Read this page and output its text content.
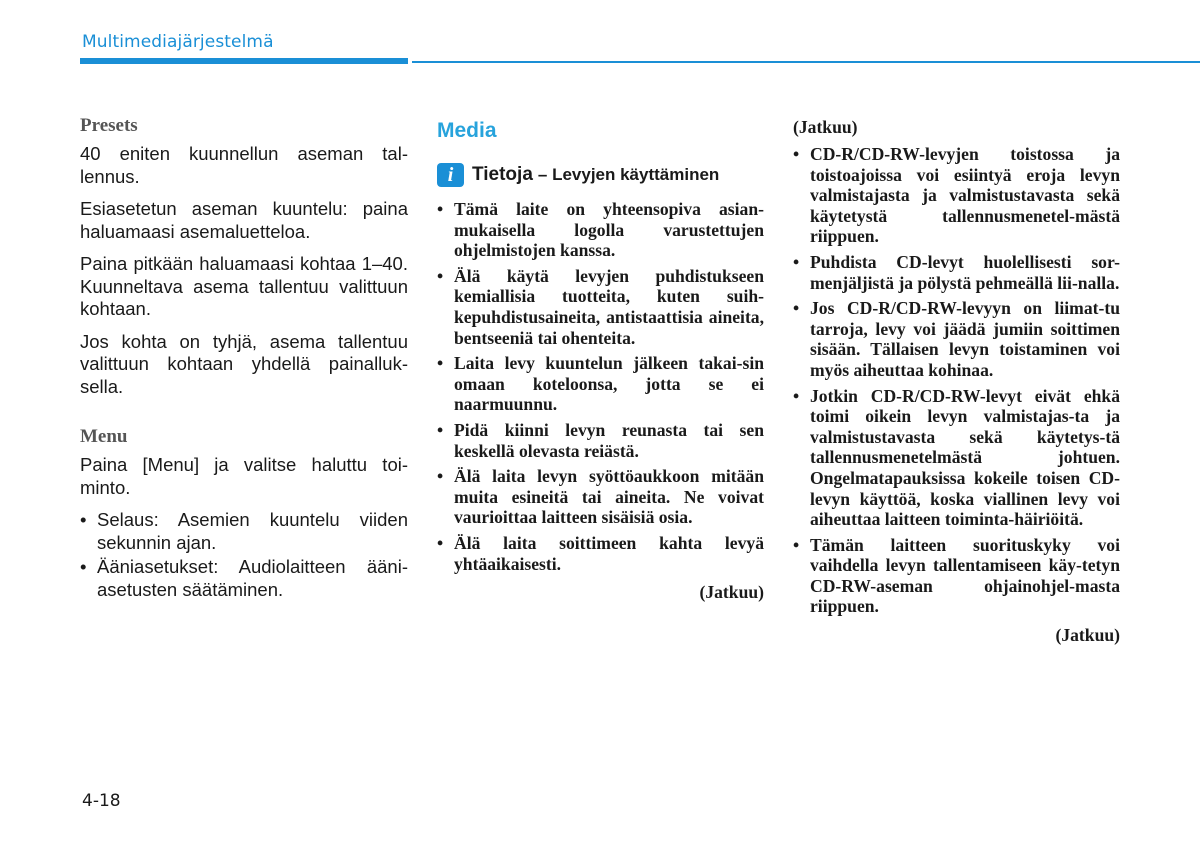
Multimediajärjestelmä
Presets

40 eniten kuunnellun aseman tal-lennus.

Esiasetetun aseman kuuntelu: paina haluamaasi asemaluetteloa.

Paina pitkään haluamaasi kohtaa 1–40. Kuunneltava asema tallentuu valittuun kohtaan.

Jos kohta on tyhjä, asema tallentuu valittuun kohtaan yhdellä painalluk-sella.

Menu

Paina [Menu] ja valitse haluttu toi-minto.

• Selaus: Asemien kuuntelu viiden sekunnin ajan.
• Ääniasetukset: Audiolaitteen ääni-asetusten säätäminen.
Media
i Tietoja – Levyjen käyttäminen
• Tämä laite on yhteensopiva asian-mukaisella logolla varustettujen ohjelmistojen kanssa.
• Älä käytä levyjen puhdistukseen kemiallisia tuotteita, kuten suih-kepuhdistusaineita, antistaattisia aineita, bentseeniä tai ohenteita.
• Laita levy kuuntelun jälkeen takai-sin omaan koteloonsa, jotta se ei naarmuunnu.
• Pidä kiinni levyn reunasta tai sen keskellä olevasta reiästä.
• Älä laita levyn syöttöaukkoon mitään muita esineitä tai aineita. Ne voivat vaurioittaa laitteen sisäisiä osia.
• Älä laita soittimeen kahta levyä yhtäaikaisesti.
(Jatkuu)
(Jatkuu)
• CD-R/CD-RW-levyjen toistossa ja toistoajoissa voi esiintyä eroja levyn valmistajasta ja valmistustavasta sekä käytetystä tallennusmenetel-mästä riippuen.
• Puhdista CD-levyt huolellisesti sor-menjäljistä ja pölystä pehmeällä lii-nalla.
• Jos CD-R/CD-RW-levyyn on liimat-tu tarroja, levy voi jäädä jumiin soittimen sisään. Tällaisen levyn toistaminen voi myös aiheuttaa kohinaa.
• Jotkin CD-R/CD-RW-levyt eivät ehkä toimi oikein levyn valmistajas-ta ja valmistustavasta sekä käytetys-tä tallennusmenetelmästä johtuen. Ongelmatapauksissa kokeile toisen CD-levyn käyttöä, koska viallinen levy voi aiheuttaa laitteen toiminta-häiriöitä.
• Tämän laitteen suorituskyky voi vaihdella levyn tallentamiseen käy-tetyn CD-RW-aseman ohjainohjel-masta riippuen.
(Jatkuu)
4-18
